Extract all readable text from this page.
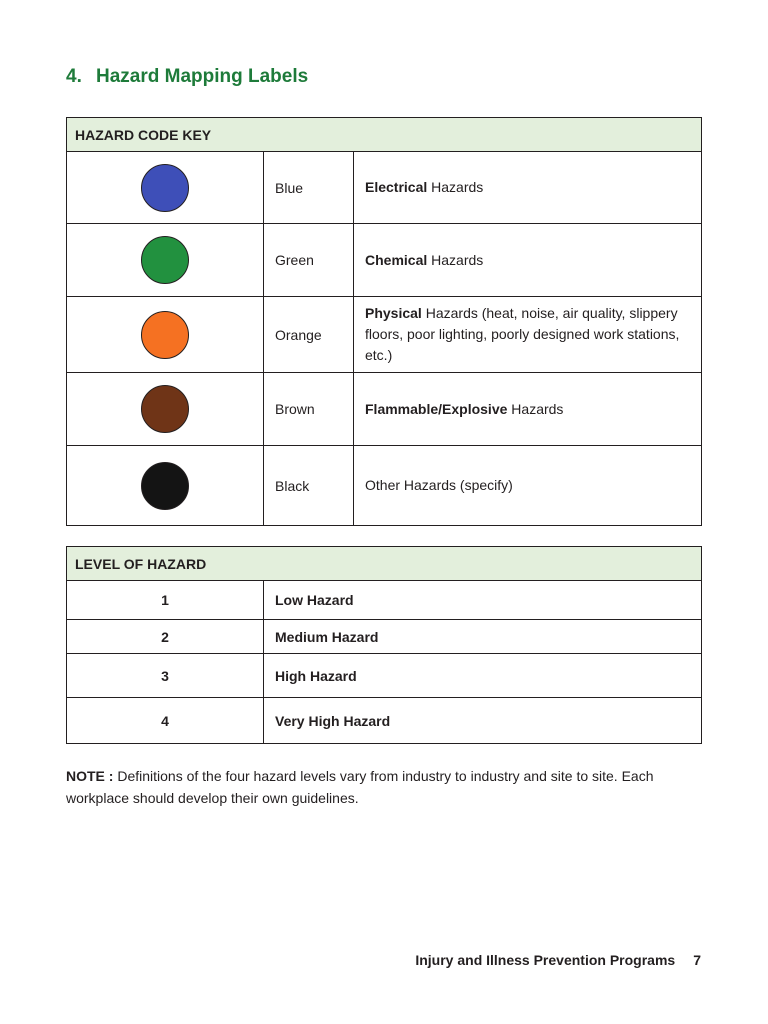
4. Hazard Mapping Labels
HAZARD CODE KEY		
	Blue	Electrical Hazards
	Green	Chemical Hazards
	Orange	Physical Hazards (heat, noise, air quality, slippery floors, poor lighting, poorly designed work stations, etc.)
	Brown	Flammable/Explosive Hazards
	Black	Other Hazards (specify)
LEVEL OF HAZARD	
1	Low Hazard
2	Medium Hazard
3	High Hazard
4	Very High Hazard

NOTE : Definitions of the four hazard levels vary from industry to industry and site to site. Each workplace should develop their own guidelines.

Injury and Illness Prevention Programs 7
